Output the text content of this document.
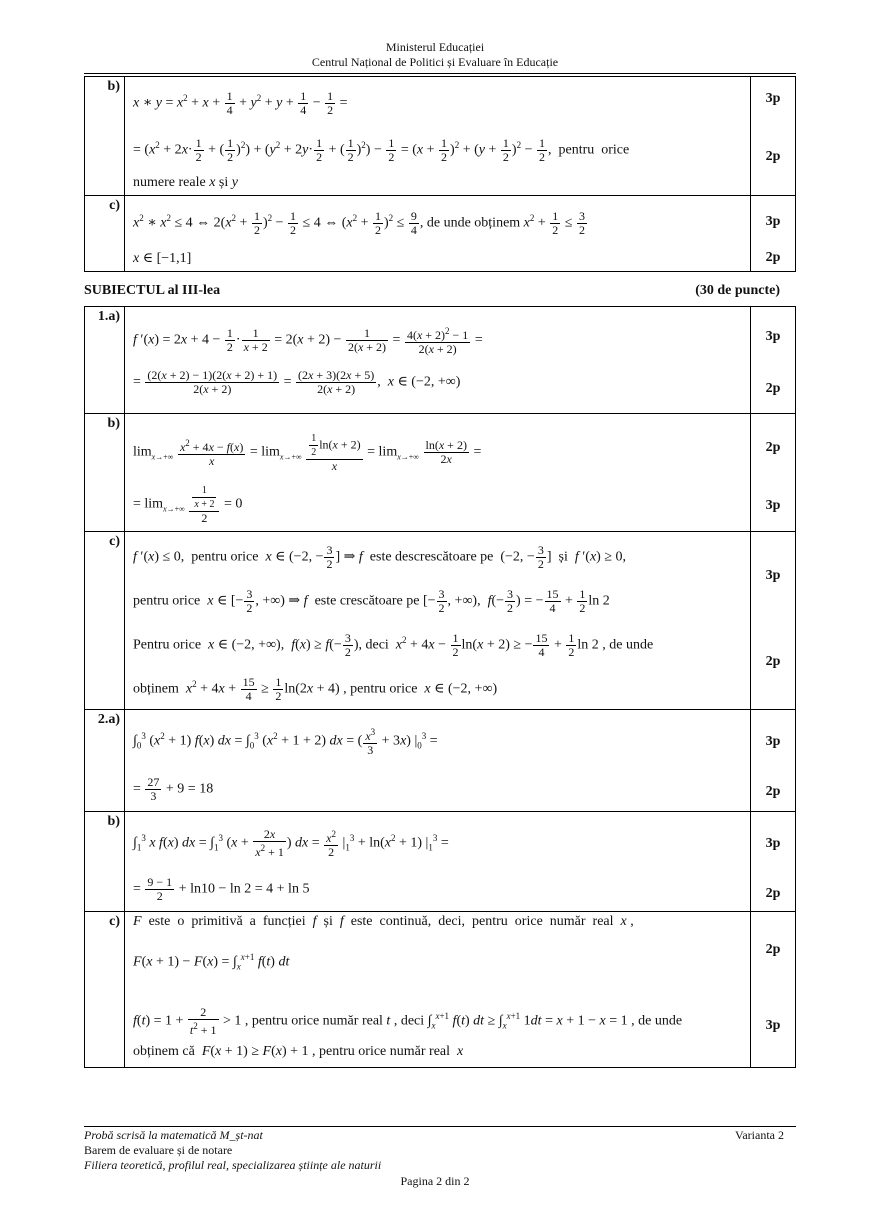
Ministerul Educației
Centrul Național de Politici și Evaluare în Educație
b)
x ∗ $y = x^2 + x + \frac{1}{4} + y^2 + y + \frac{1}{4} - \frac{1}{2}$ =
= ($x^2 + 2x\cdot \frac{1}{2}$ + ( $\frac{1}{2} )^2) + (y^2 + 2y\cdot \frac{1}{2}$ + ( $\frac{1}{2} )^2) - \frac{1}{2} = (x + \frac{1}{2} )^2 + (y + \frac{1}{2} )^2 - \frac{1}{2}$ ,  pentru  orice
numere reale x și y
3p
2p
c)
$x^2$ ∗ $x^2 \le 4$ ⇔ $2(x^2 + \frac{1}{2} )^2 - \frac{1}{2} \le 4$ ⇔ $(x^2 + \frac{1}{2} )^2 \le \frac{9}{4}$ , de unde obținem $x^2 + \frac{1}{2} \le \frac{3}{2}$
x ∈ [−1,1]
3p
2p
SUBIECTUL al III-lea	(30 de puncte)
1.a)
f $'(x) = 2x + 4 - \frac{1}{2} \cdot \frac{1}{x + 2} = 2(x + 2) - \frac{1}{2(x + 2)} = \frac{4(x + 2)^2 - 1}{2(x + 2)}$ =
= $\frac{(2(x + 2) - 1)(2(x + 2) + 1)}{2(x + 2)} = \frac{(2x + 3)(2x + 5)}{2(x + 2)}$ ,  x ∈ (−2, +∞)
3p
2p
b)
$\lim_{x\to+\infty} \frac{x^2 + 4x - f(x)}{x} = \lim_{x\to+\infty} \frac{\frac{1}{2} \ln(x + 2)}{x} = \lim_{x\to+\infty} \frac{\ln(x + 2)}{2x}$ =
= $\lim_{x\to+\infty} \frac{\frac{1}{x + 2}}{2} = 0$
2p
3p
c)
f ′(x) ≤ 0,  pentru orice  x ∈ (−2, − $\frac{3}{2}$ ] ⇒ f  este descrescătoare pe  (−2, − $\frac{3}{2}$ ]  și  f ′(x) ≥ 0,
pentru orice  x ∈ [− $\frac{3}{2}$ , +∞) ⇒ f  este crescătoare pe [− $\frac{3}{2}$ , +∞),  $f(- \frac{3}{2}$ ) = − $\frac{15}{4} + \frac{1}{2}$ ln 2
Pentru orice  x ∈ (−2, +∞),  $f(x) \ge f(- \frac{3}{2}$ ), deci  $x^2 + 4x - \frac{1}{2} \ln(x + 2)$ ≥ − $\frac{15}{4} + \frac{1}{2}$ ln 2 , de unde
obținem  $x^2 + 4x + \frac{15}{4} \ge \frac{1}{2} \ln(2x + 4)$ , pentru orice  x ∈ (−2, +∞)
3p
2p
2.a)
$\int_0^3$ $(x^2 + 1)$ f(x) dx = $\int_0^3$ $(x^2 + 1 + 2)$ dx = ( $\frac{x^3}{3} + 3x$) $|_0^3$ =
= $\frac{27}{3} + 9 = 18$
3p
2p
b)
$\int_1^3$ x f(x) dx = $\int_1^3$ ($x + \frac{2x}{x^2 + 1}$ ) dx = $\frac{x^2}{2} |_1^3 + \ln(x^2 + 1) |_1^3$ =
= $\frac{9 - 1}{2} + \ln 10 - \ln 2 = 4 + \ln 5$
3p
2p
c) F  este  o  primitivă  a  funcției  f  și  f  este  continuă,  deci,  pentru  orice  număr  real  x ,
$F(x + 1) - F(x) = \int_x^{x+1}$ f(t) dt
$f(t) = 1 + \frac{2}{t^2 + 1} > 1$ , pentru orice număr real t , deci $\int_x^{x+1}$ f(t) dt ≥ $\int_x^{x+1}$ 1dt = x + 1 − x = 1 , de unde
obținem că  F(x + 1) ≥ F(x) + 1 , pentru orice număr real  x
2p
3p
Probă scrisă la matematică M_șt-nat	Varianta 2
Barem de evaluare și de notare
Filiera teoretică, profilul real, specializarea științe ale naturii
Pagina 2 din 2
